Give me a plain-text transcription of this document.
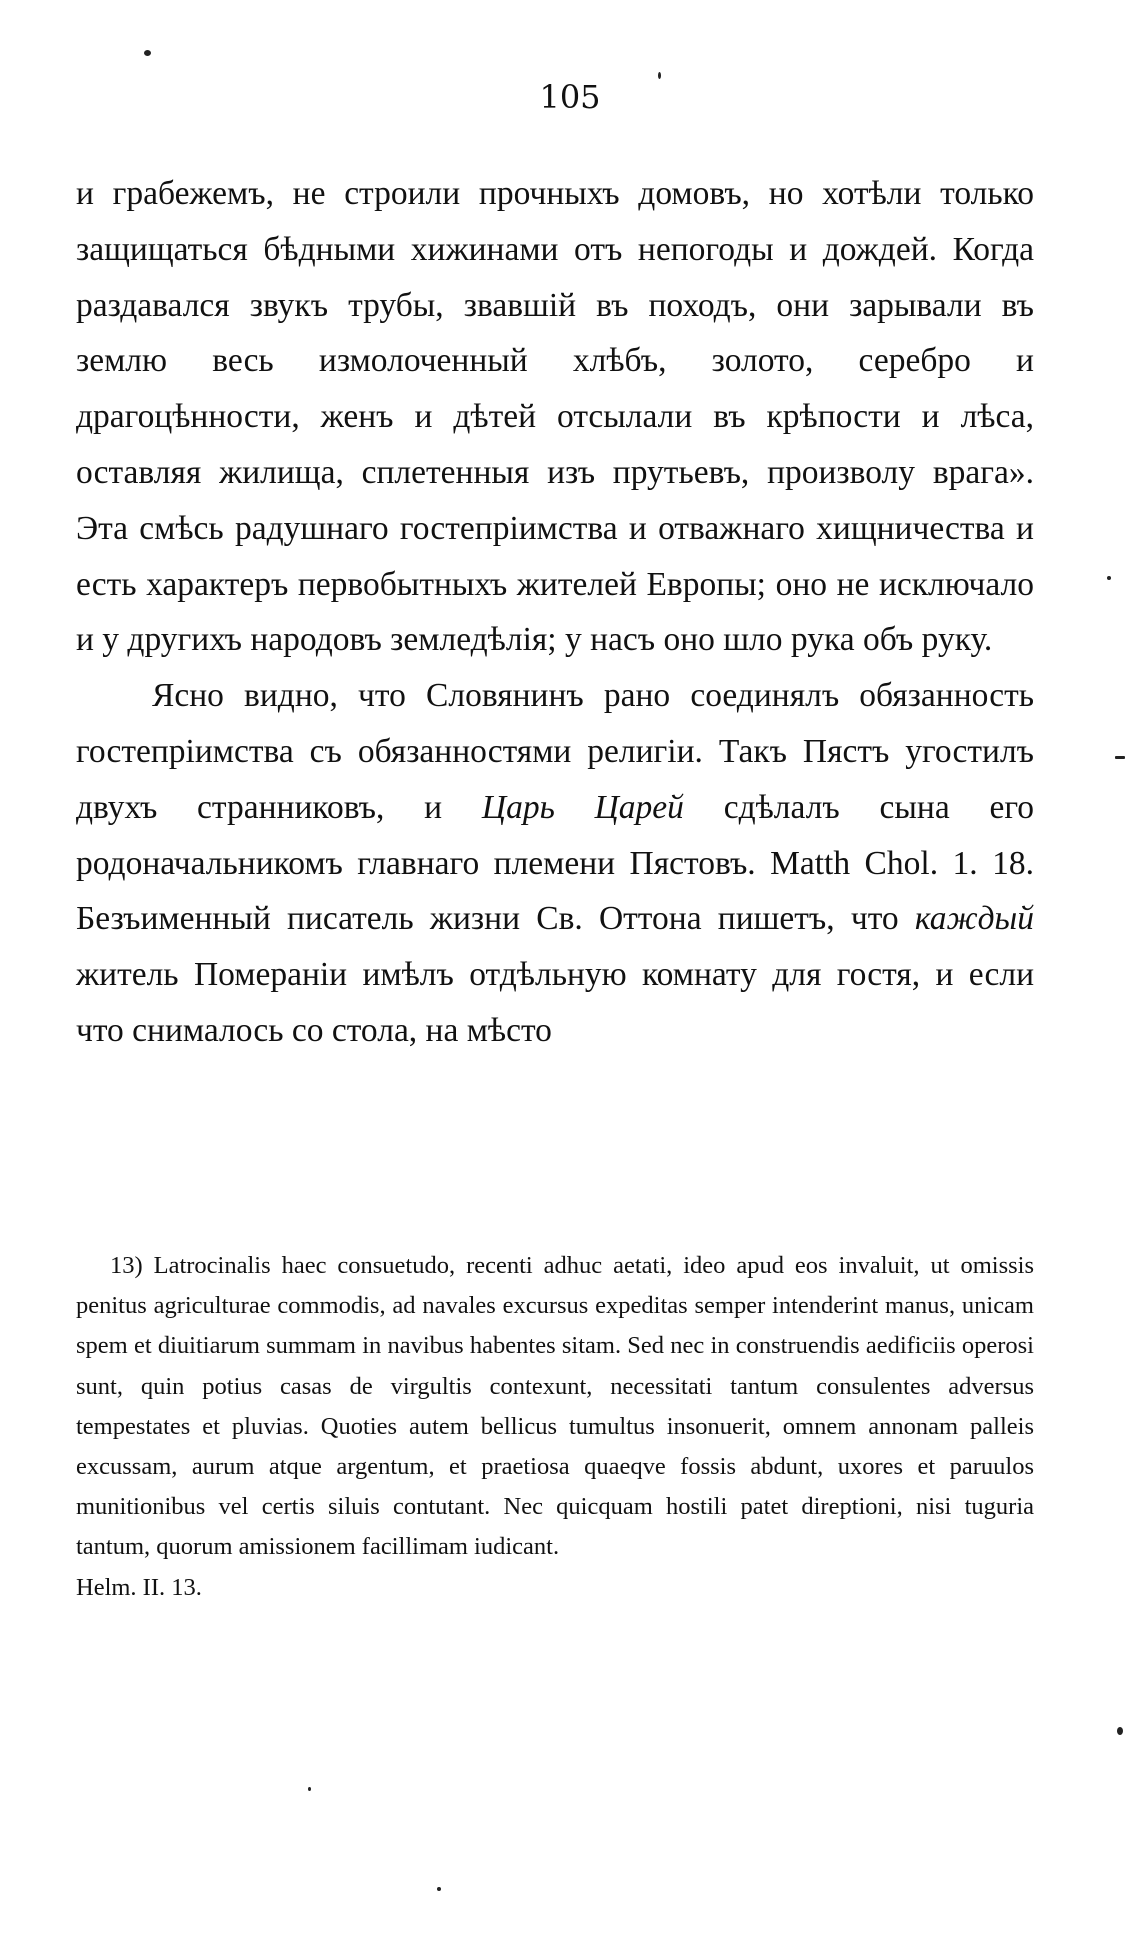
105

и грабежемъ, не строили прочныхъ домовъ, но хотѣли только защищаться бѣдными хижинами отъ непогоды и дождей. Когда раздавался звукъ трубы, звавшій въ походъ, они зарывали въ землю весь измолоченный хлѣбъ, золото, серебро и драгоцѣнности, женъ и дѣтей отсылали въ крѣпости и лѣса, оставляя жилища, сплетенныя изъ прутьевъ, произволу врага». Эта смѣсь радушнаго гостепріимства и отважнаго хищничества и есть характеръ первобытныхъ жителей Европы; оно не исключало и у другихъ народовъ земледѣлія; у насъ оно шло рука объ руку.

Ясно видно, что Словянинъ рано соединялъ обязанность гостепріимства съ обязанностями религіи. Такъ Пястъ угостилъ двухъ странниковъ, и Царь Царей сдѣлалъ сына его родоначальникомъ главнаго племени Пястовъ. Matth Chol. 1. 18. Безъименный писатель жизни Св. Оттона пишетъ, что каждый житель Помераніи имѣлъ отдѣльную комнату для гостя, и если что снималось со стола, на мѣсто

13) Latrocinalis haec consuetudo, recenti adhuc aetati, ideo apud eos invaluit, ut omissis penitus agriculturae commodis, ad navales excursus expeditas semper intenderint manus, unicam spem et diuitiarum summam in navibus habentes sitam. Sed nec in construendis aedificiis operosi sunt, quin potius casas de virgultis contexunt, necessitati tantum consulentes adversus tempestates et pluvias. Quoties autem bellicus tumultus insonuerit, omnem annonam palleis excussam, aurum atque argentum, et praetiosa quaeqve fossis abdunt, uxores et paruulos munitionibus vel certis siluis contutant. Nec quicquam hostili patet direptioni, nisi tuguria tantum, quorum amissionem facillimam iudicant.

Helm. II. 13.
